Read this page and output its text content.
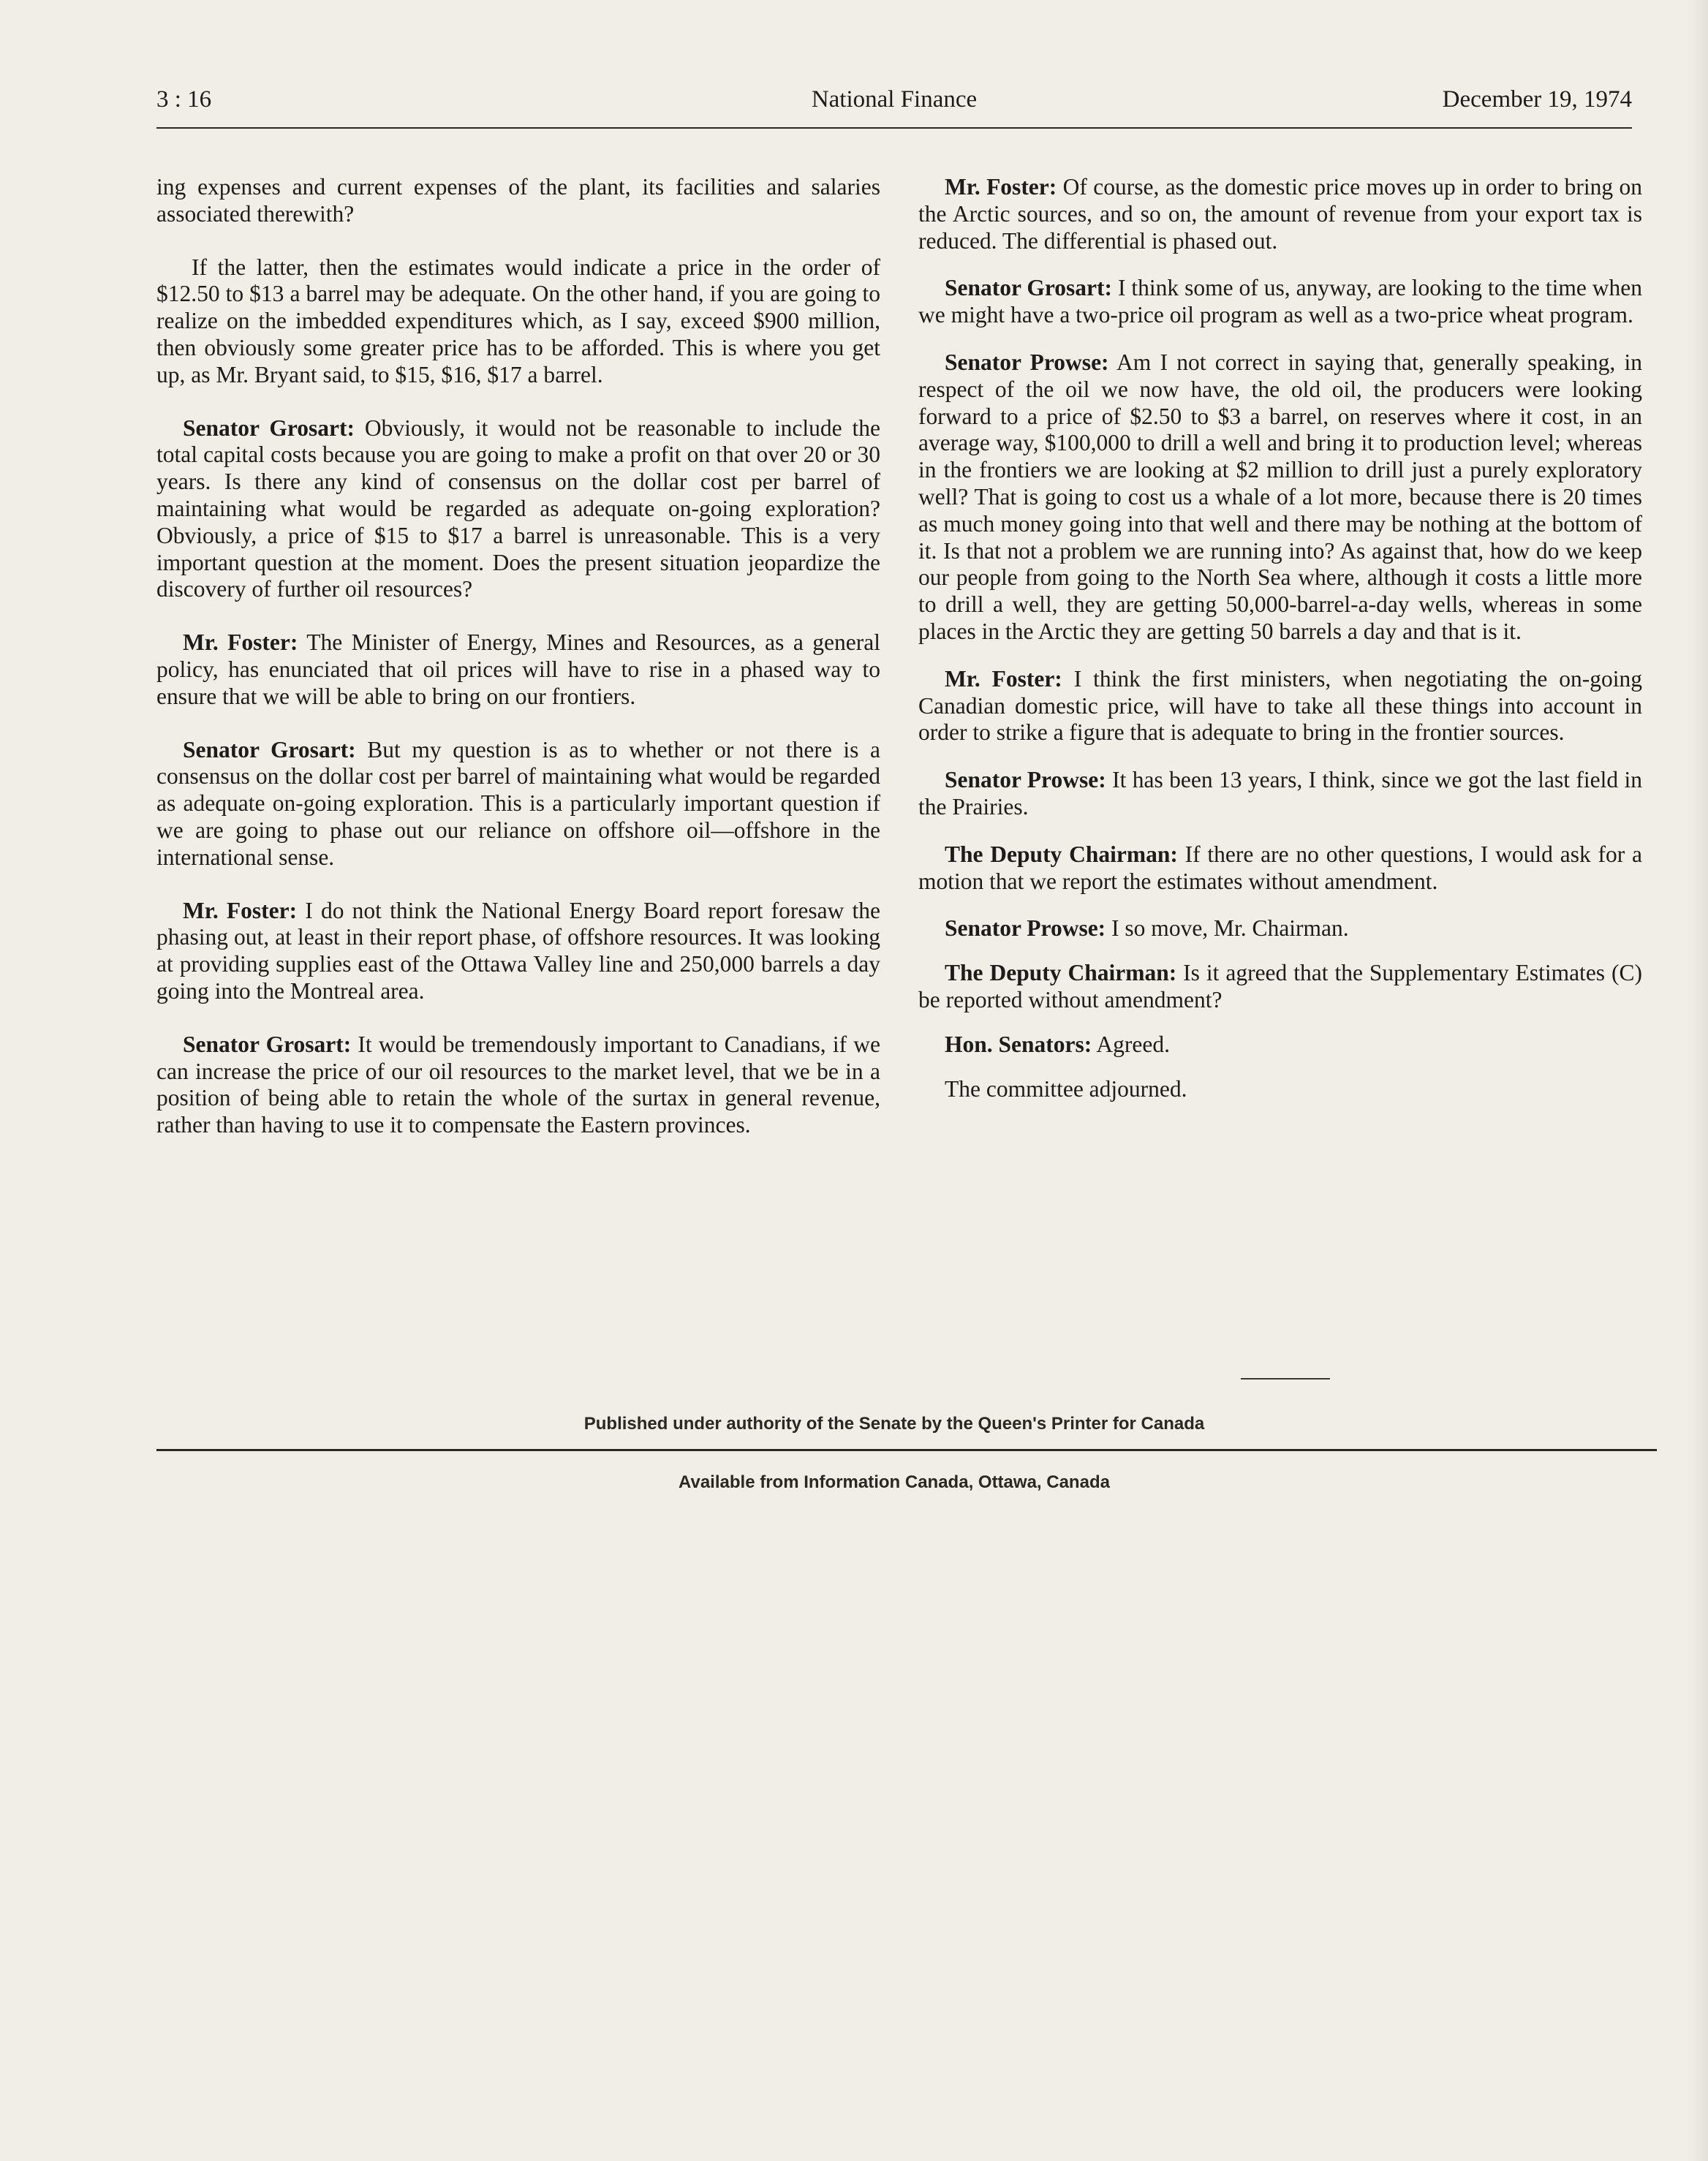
3 : 16	National Finance	December 19, 1974

ing expenses and current expenses of the plant, its facilities and salaries associated therewith?

If the latter, then the estimates would indicate a price in the order of $12.50 to $13 a barrel may be adequate. On the other hand, if you are going to realize on the imbedded expenditures which, as I say, exceed $900 million, then obviously some greater price has to be afforded. This is where you get up, as Mr. Bryant said, to $15, $16, $17 a barrel.

Senator Grosart: Obviously, it would not be reasonable to include the total capital costs because you are going to make a profit on that over 20 or 30 years. Is there any kind of consensus on the dollar cost per barrel of maintaining what would be regarded as adequate on-going exploration? Obviously, a price of $15 to $17 a barrel is unreasonable. This is a very important question at the moment. Does the present situation jeopardize the discovery of further oil resources?

Mr. Foster: The Minister of Energy, Mines and Resources, as a general policy, has enunciated that oil prices will have to rise in a phased way to ensure that we will be able to bring on our frontiers.

Senator Grosart: But my question is as to whether or not there is a consensus on the dollar cost per barrel of maintaining what would be regarded as adequate on-going exploration. This is a particularly important question if we are going to phase out our reliance on offshore oil—offshore in the international sense.

Mr. Foster: I do not think the National Energy Board report foresaw the phasing out, at least in their report phase, of offshore resources. It was looking at providing supplies east of the Ottawa Valley line and 250,000 barrels a day going into the Montreal area.

Senator Grosart: It would be tremendously important to Canadians, if we can increase the price of our oil resources to the market level, that we be in a position of being able to retain the whole of the surtax in general revenue, rather than having to use it to compensate the Eastern provinces.

Mr. Foster: Of course, as the domestic price moves up in order to bring on the Arctic sources, and so on, the amount of revenue from your export tax is reduced. The differential is phased out.

Senator Grosart: I think some of us, anyway, are looking to the time when we might have a two-price oil program as well as a two-price wheat program.

Senator Prowse: Am I not correct in saying that, generally speaking, in respect of the oil we now have, the old oil, the producers were looking forward to a price of $2.50 to $3 a barrel, on reserves where it cost, in an average way, $100,000 to drill a well and bring it to production level; whereas in the frontiers we are looking at $2 million to drill just a purely exploratory well? That is going to cost us a whale of a lot more, because there is 20 times as much money going into that well and there may be nothing at the bottom of it. Is that not a problem we are running into? As against that, how do we keep our people from going to the North Sea where, although it costs a little more to drill a well, they are getting 50,000-barrel-a-day wells, whereas in some places in the Arctic they are getting 50 barrels a day and that is it.

Mr. Foster: I think the first ministers, when negotiating the on-going Canadian domestic price, will have to take all these things into account in order to strike a figure that is adequate to bring in the frontier sources.

Senator Prowse: It has been 13 years, I think, since we got the last field in the Prairies.

The Deputy Chairman: If there are no other questions, I would ask for a motion that we report the estimates without amendment.

Senator Prowse: I so move, Mr. Chairman.

The Deputy Chairman: Is it agreed that the Supplementary Estimates (C) be reported without amendment?

Hon. Senators: Agreed.

The committee adjourned.

Published under authority of the Senate by the Queen's Printer for Canada
Available from Information Canada, Ottawa, Canada
